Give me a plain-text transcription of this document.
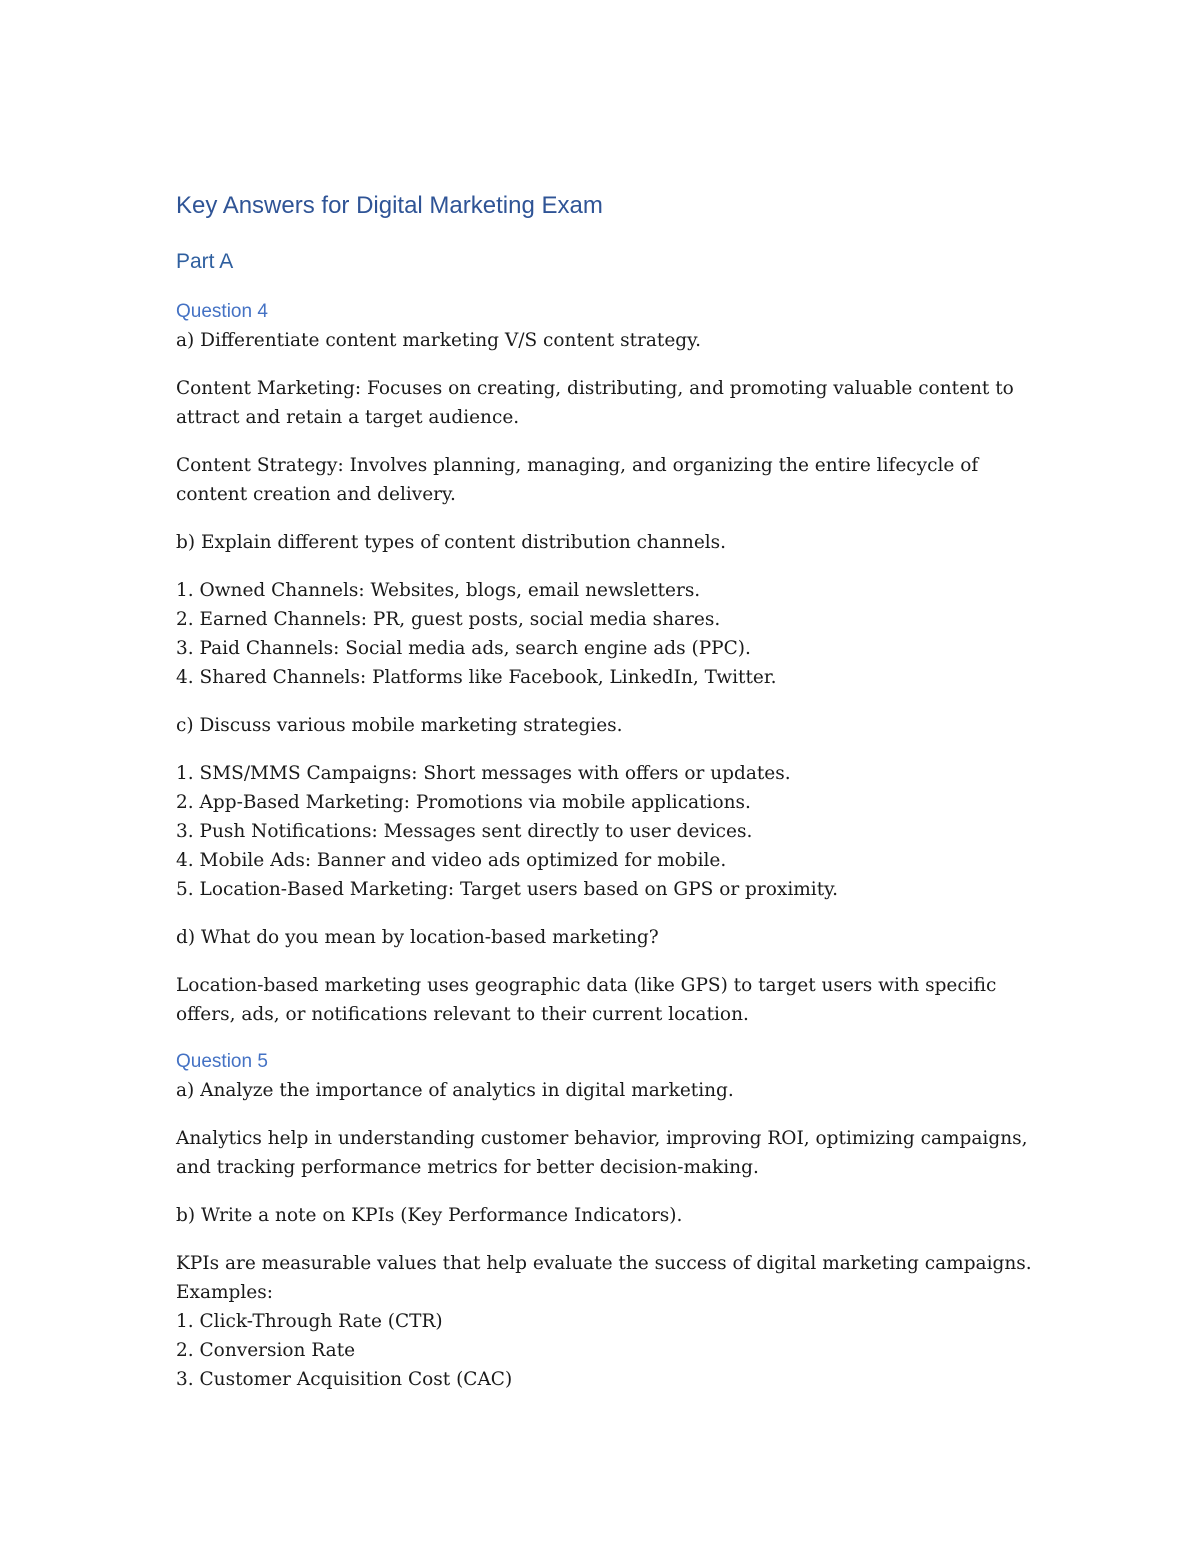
Key Answers for Digital Marketing Exam
Part A
Question 4

a) Differentiate content marketing V/S content strategy.

Content Marketing: Focuses on creating, distributing, and promoting valuable content to attract and retain a target audience.

Content Strategy: Involves planning, managing, and organizing the entire lifecycle of content creation and delivery.

b) Explain different types of content distribution channels.

1. Owned Channels: Websites, blogs, email newsletters.

2. Earned Channels: PR, guest posts, social media shares.

3. Paid Channels: Social media ads, search engine ads (PPC).

4. Shared Channels: Platforms like Facebook, LinkedIn, Twitter.

c) Discuss various mobile marketing strategies.

1. SMS/MMS Campaigns: Short messages with offers or updates.

2. App-Based Marketing: Promotions via mobile applications.

3. Push Notifications: Messages sent directly to user devices.

4. Mobile Ads: Banner and video ads optimized for mobile.

5. Location-Based Marketing: Target users based on GPS or proximity.

d) What do you mean by location-based marketing?

Location-based marketing uses geographic data (like GPS) to target users with specific offers, ads, or notifications relevant to their current location.

Question 5

a) Analyze the importance of analytics in digital marketing.

Analytics help in understanding customer behavior, improving ROI, optimizing campaigns, and tracking performance metrics for better decision-making.

b) Write a note on KPIs (Key Performance Indicators).

KPIs are measurable values that help evaluate the success of digital marketing campaigns.

Examples:

1. Click-Through Rate (CTR)

2. Conversion Rate

3. Customer Acquisition Cost (CAC)
